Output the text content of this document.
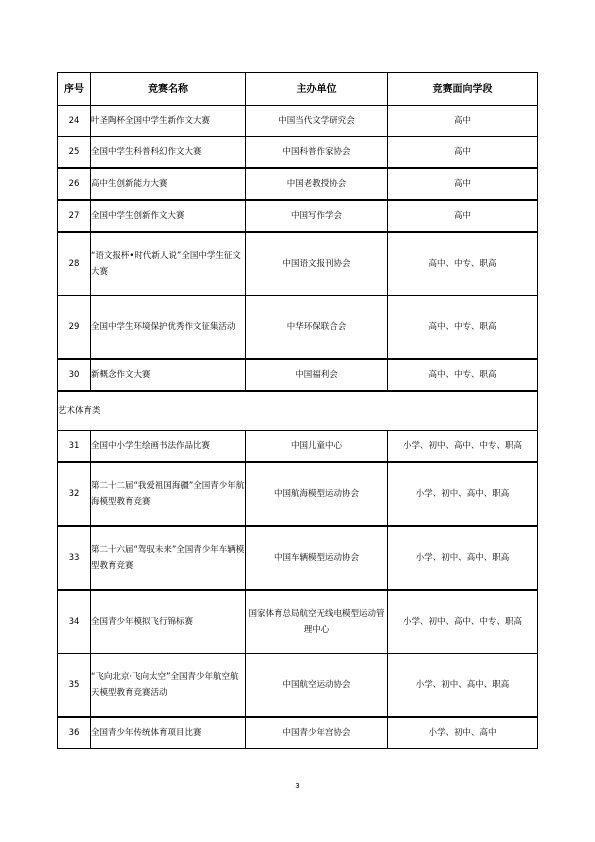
序号	竞赛名称	主办单位	竞赛面向学段
24	叶圣陶杯全国中学生新作文大赛	中国当代文学研究会	高中
25	全国中学生科普科幻作文大赛	中国科普作家协会	高中
26	高中生创新能力大赛	中国老教授协会	高中
27	全国中学生创新作文大赛	中国写作学会	高中
28	“语文报杯•时代新人说”全国中学生征文大赛	中国语文报刊协会	高中、中专、职高
29	全国中学生环境保护优秀作文征集活动	中华环保联合会	高中、中专、职高
30	新概念作文大赛	中国福利会	高中、中专、职高
艺术体育类			
31	全国中小学生绘画书法作品比赛	中国儿童中心	小学、初中、高中、中专、职高
32	第二十二届“我爱祖国海疆”全国青少年航海模型教育竞赛	中国航海模型运动协会	小学、初中、高中、职高
33	第二十六届“驾驭未来”全国青少年车辆模型教育竞赛	中国车辆模型运动协会	小学、初中、高中、职高
34	全国青少年模拟飞行锦标赛	国家体育总局航空无线电模型运动管理中心	小学、初中、高中、中专、职高
35	“飞向北京·飞向太空”全国青少年航空航天模型教育竞赛活动	中国航空运动协会	小学、初中、高中、职高
36	全国青少年传统体育项目比赛	中国青少年宫协会	小学、初中、高中
3
